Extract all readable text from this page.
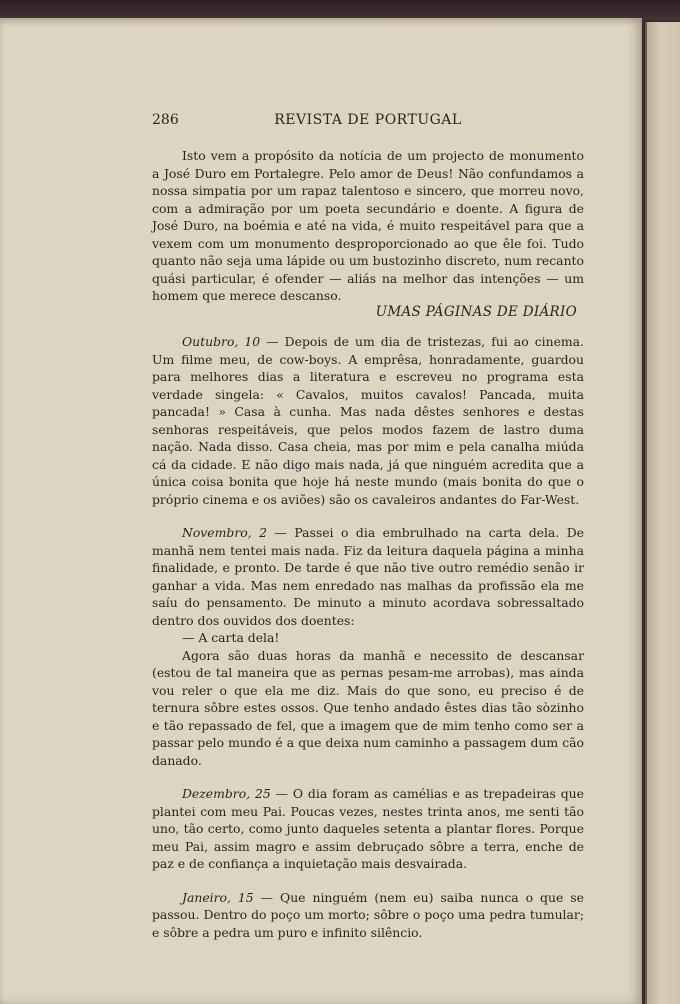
286	REVISTA DE PORTUGAL

Isto vem a propósito da notícia de um projecto de monumento a José Duro em Portalegre. Pelo amor de Deus! Não confundamos a nossa simpatia por um rapaz talentoso e sincero, que morreu novo, com a admiração por um poeta secundário e doente. A figura de José Duro, na boémia e até na vida, é muito respeitável para que a vexem com um monumento desproporcionado ao que êle foi. Tudo quanto não seja uma lápide ou um bustozinho discreto, num recanto quási particular, é ofender — aliás na melhor das intenções — um homem que merece descanso.

UMAS PÁGINAS DE DIÁRIO

Outubro, 10 — Depois de um dia de tristezas, fui ao cinema. Um filme meu, de cow-boys. A emprêsa, honradamente, guardou para melhores dias a literatura e escreveu no programa esta verdade singela: « Cavalos, muitos cavalos! Pancada, muita pancada! » Casa à cunha. Mas nada dêstes senhores e destas senhoras respeitáveis, que pelos modos fazem de lastro duma nação. Nada disso. Casa cheia, mas por mim e pela canalha miúda cá da cidade. E não digo mais nada, já que ninguém acredita que a única coisa bonita que hoje há neste mundo (mais bonita do que o próprio cinema e os aviões) são os cavaleiros andantes do Far-West.

Novembro, 2 — Passei o dia embrulhado na carta dela. De manhã nem tentei mais nada. Fiz da leitura daquela página a minha finalidade, e pronto. De tarde é que não tive outro remédio senão ir ganhar a vida. Mas nem enredado nas malhas da profissão ela me saíu do pensamento. De minuto a minuto acordava sobressaltado dentro dos ouvidos dos doentes:

— A carta dela!

Agora são duas horas da manhã e necessito de descansar (estou de tal maneira que as pernas pesam-me arrobas), mas ainda vou reler o que ela me diz. Mais do que sono, eu preciso é de ternura sôbre estes ossos. Que tenho andado êstes dias tão sòzinho e tão repassado de fel, que a imagem que de mim tenho como ser a passar pelo mundo é a que deixa num caminho a passagem dum cão danado.

Dezembro, 25 — O dia foram as camélias e as trepadeiras que plantei com meu Pai. Poucas vezes, nestes trinta anos, me senti tão uno, tão certo, como junto daqueles setenta a plantar flores. Porque meu Pai, assim magro e assim debruçado sôbre a terra, enche de paz e de confiança a inquietação mais desvairada.

Janeiro, 15 — Que ninguém (nem eu) saiba nunca o que se passou. Dentro do poço um morto; sôbre o poço uma pedra tumular; e sôbre a pedra um puro e infinito silêncio.
